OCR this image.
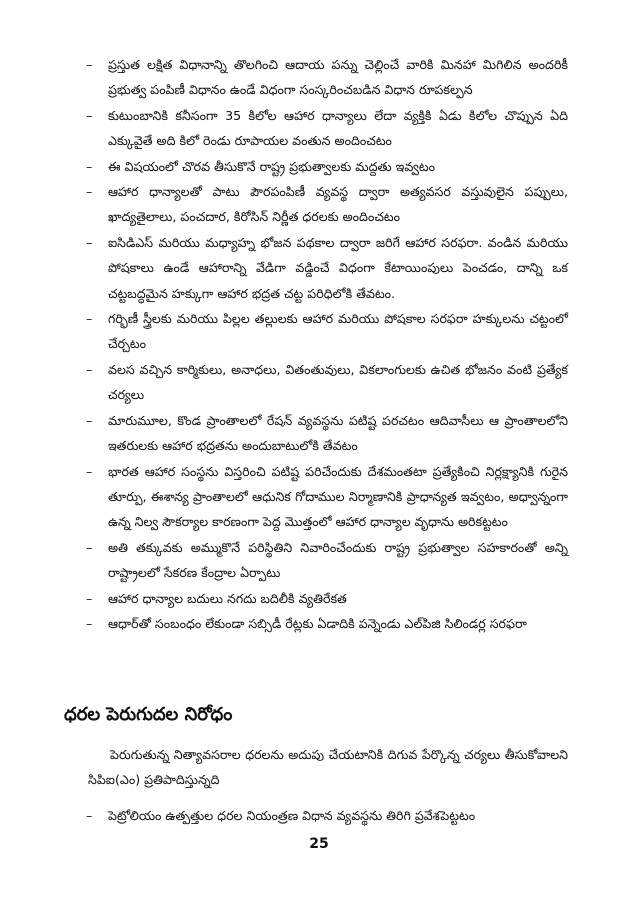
– ప్రస్తుత లక్షిత విధానాన్ని తొలగించి ఆదాయ పన్ను చెల్లించే వారికి మినహా మిగిలిన అందరికీ ప్రభుత్వ పంపిణీ విధానం ఉండే విధంగా సంస్కరించబడిన విధాన రూపకల్పన
– కుటుంబానికి కనీసంగా 35 కిలోల ఆహార ధాన్యాలు లేదా వ్యక్తికి ఏడు కిలోల చొప్పున ఏది ఎక్కువైతే అది కిలో రెండు రూపాయల వంతున అందించటం
– ఈ విషయంలో చొరవ తీసుకొనే రాష్ట్ర ప్రభుత్వాలకు మద్దతు ఇవ్వటం
– ఆహార ధాన్యాలతో పాటు పౌరపంపిణీ వ్యవస్థ ద్వారా అత్యవసర వస్తువులైన పప్పులు, ఖాద్యతైలాలు, పంచదార, కిరోసిన్ నిర్ణీత ధరలకు అందించటం
– ఐసిడిఎస్ మరియు మధ్యాహ్న భోజన పథకాల ద్వారా జరిగే ఆహార సరఫరా. వండిన మరియు పోషకాలు ఉండే ఆహారాన్ని వేడిగా వడ్డించే విధంగా కేటాయింపులు పెంచడం, దాన్ని ఒక చట్టబద్ధమైన హక్కుగా ఆహార భద్రత చట్ట పరిధిలోకి తేవటం.
– గర్భిణీ స్త్రీలకు మరియు పిల్లల తల్లులకు ఆహార మరియు పోషకాల సరఫరా హక్కులను చట్టంలో చేర్చటం
– వలస వచ్చిన కార్మికులు, అనాధలు, వితంతువులు, వికలాంగులకు ఉచిత భోజనం వంటి ప్రత్యేక చర్యలు
– మారుమూల, కొండ ప్రాంతాలలో రేషన్ వ్యవస్థను పటిష్ట పరచటం ఆదివాసీలు ఆ ప్రాంతాలలోని ఇతరులకు ఆహార భద్రతను అందుబాటులోకి తేవటం
– భారత ఆహార సంస్థను విస్తరించి పటిష్ట పరిచేందుకు దేశమంతటా ప్రత్యేకించి నిర్లక్ష్యానికి గురైన తూర్పు, ఈశాన్య ప్రాంతాలలో ఆధునిక గోదాముల నిర్మాణానికి ప్రాధాన్యత ఇవ్వటం, అధ్వాన్నంగా ఉన్న నిల్వ సౌకర్యాల కారణంగా పెద్ద మొత్తంలో ఆహార ధాన్యాల వృధాను అరికట్టటం
– అతి తక్కువకు అమ్ముకొనే పరిస్థితిని నివారించేందుకు రాష్ట్ర ప్రభుత్వాల సహకారంతో అన్ని రాష్ట్రాలలో సేకరణ కేంద్రాల ఏర్పాటు
– ఆహార ధాన్యాల బదులు నగదు బదిలీకి వ్యతిరేకత
– ఆధార్‌తో సంబంధం లేకుండా సబ్సిడీ రేట్లకు ఏడాదికి పన్నెండు ఎల్‌పిజి సిలిండర్ల సరఫరా
ధరల పెరుగుదల నిరోధం

పెరుగుతున్న నిత్యావసరాల ధరలను అదుపు చేయటానికి దిగువ పేర్కొన్న చర్యలు తీసుకోవాలని సిపిఐ(ఎం) ప్రతిపాదిస్తున్నది

– పెట్రోలియం ఉత్పత్తుల ధరల నియంత్రణ విధాన వ్యవస్థను తిరిగి ప్రవేశపెట్టటం
25
